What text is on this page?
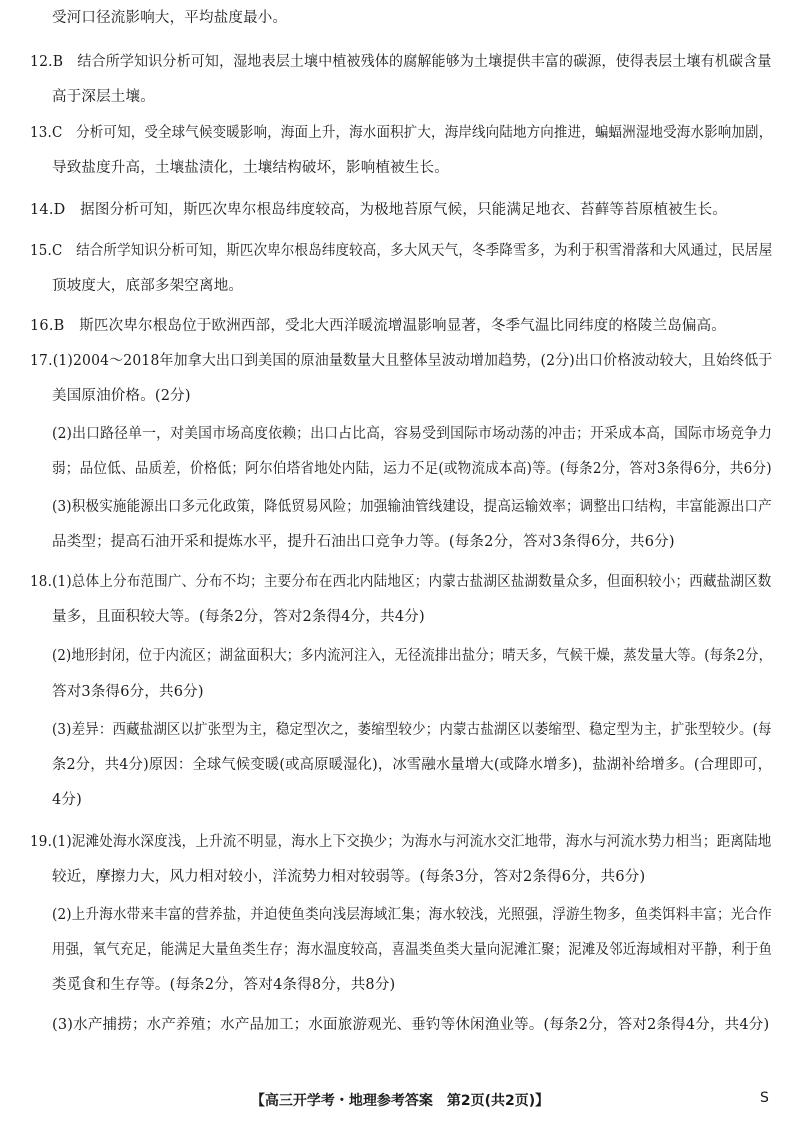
受河口径流影响大，平均盐度最小。
12.B　结合所学知识分析可知，湿地表层土壤中植被残体的腐解能够为土壤提供丰富的碳源，使得表层土壤有机碳含量
高于深层土壤。
13.C　分析可知，受全球气候变暖影响，海面上升，海水面积扩大，海岸线向陆地方向推进，蝙蝠洲湿地受海水影响加剧，
导致盐度升高，土壤盐渍化，土壤结构破坏，影响植被生长。
14.D　据图分析可知，斯匹次卑尔根岛纬度较高，为极地苔原气候，只能满足地衣、苔藓等苔原植被生长。
15.C　结合所学知识分析可知，斯匹次卑尔根岛纬度较高，多大风天气，冬季降雪多，为利于积雪滑落和大风通过，民居屋
顶坡度大，底部多架空离地。
16.B　斯匹次卑尔根岛位于欧洲西部，受北大西洋暖流增温影响显著，冬季气温比同纬度的格陵兰岛偏高。
17.(1)2004～2018年加拿大出口到美国的原油量数量大且整体呈波动增加趋势，(2分)出口价格波动较大，且始终低于
美国原油价格。(2分)
(2)出口路径单一，对美国市场高度依赖；出口占比高，容易受到国际市场动荡的冲击；开采成本高，国际市场竞争力
弱；品位低、品质差，价格低；阿尔伯塔省地处内陆，运力不足(或物流成本高)等。(每条2分，答对3条得6分，共6分)
(3)积极实施能源出口多元化政策，降低贸易风险；加强输油管线建设，提高运输效率；调整出口结构，丰富能源出口产
品类型；提高石油开采和提炼水平，提升石油出口竞争力等。(每条2分，答对3条得6分，共6分)
18.(1)总体上分布范围广、分布不均；主要分布在西北内陆地区；内蒙古盐湖区盐湖数量众多，但面积较小；西藏盐湖区数
量多，且面积较大等。(每条2分，答对2条得4分，共4分)
(2)地形封闭，位于内流区；湖盆面积大；多内流河注入，无径流排出盐分；晴天多，气候干燥，蒸发量大等。(每条2分，
答对3条得6分，共6分)
(3)差异：西藏盐湖区以扩张型为主，稳定型次之，萎缩型较少；内蒙古盐湖区以萎缩型、稳定型为主，扩张型较少。(每
条2分，共4分)原因：全球气候变暖(或高原暖湿化)，冰雪融水量增大(或降水增多)，盐湖补给增多。(合理即可，
4分)
19.(1)泥滩处海水深度浅，上升流不明显，海水上下交换少；为海水与河流水交汇地带，海水与河流水势力相当；距离陆地
较近，摩擦力大，风力相对较小，洋流势力相对较弱等。(每条3分，答对2条得6分，共6分)
(2)上升海水带来丰富的营养盐，并迫使鱼类向浅层海域汇集；海水较浅，光照强，浮游生物多，鱼类饵料丰富；光合作
用强，氧气充足，能满足大量鱼类生存；海水温度较高，喜温类鱼类大量向泥滩汇聚；泥滩及邻近海域相对平静，利于鱼
类觅食和生存等。(每条2分，答对4条得8分，共8分)
(3)水产捕捞；水产养殖；水产品加工；水面旅游观光、垂钓等休闲渔业等。(每条2分，答对2条得4分，共4分)
【高三开学考・地理参考答案　第2页(共2页)】	S
